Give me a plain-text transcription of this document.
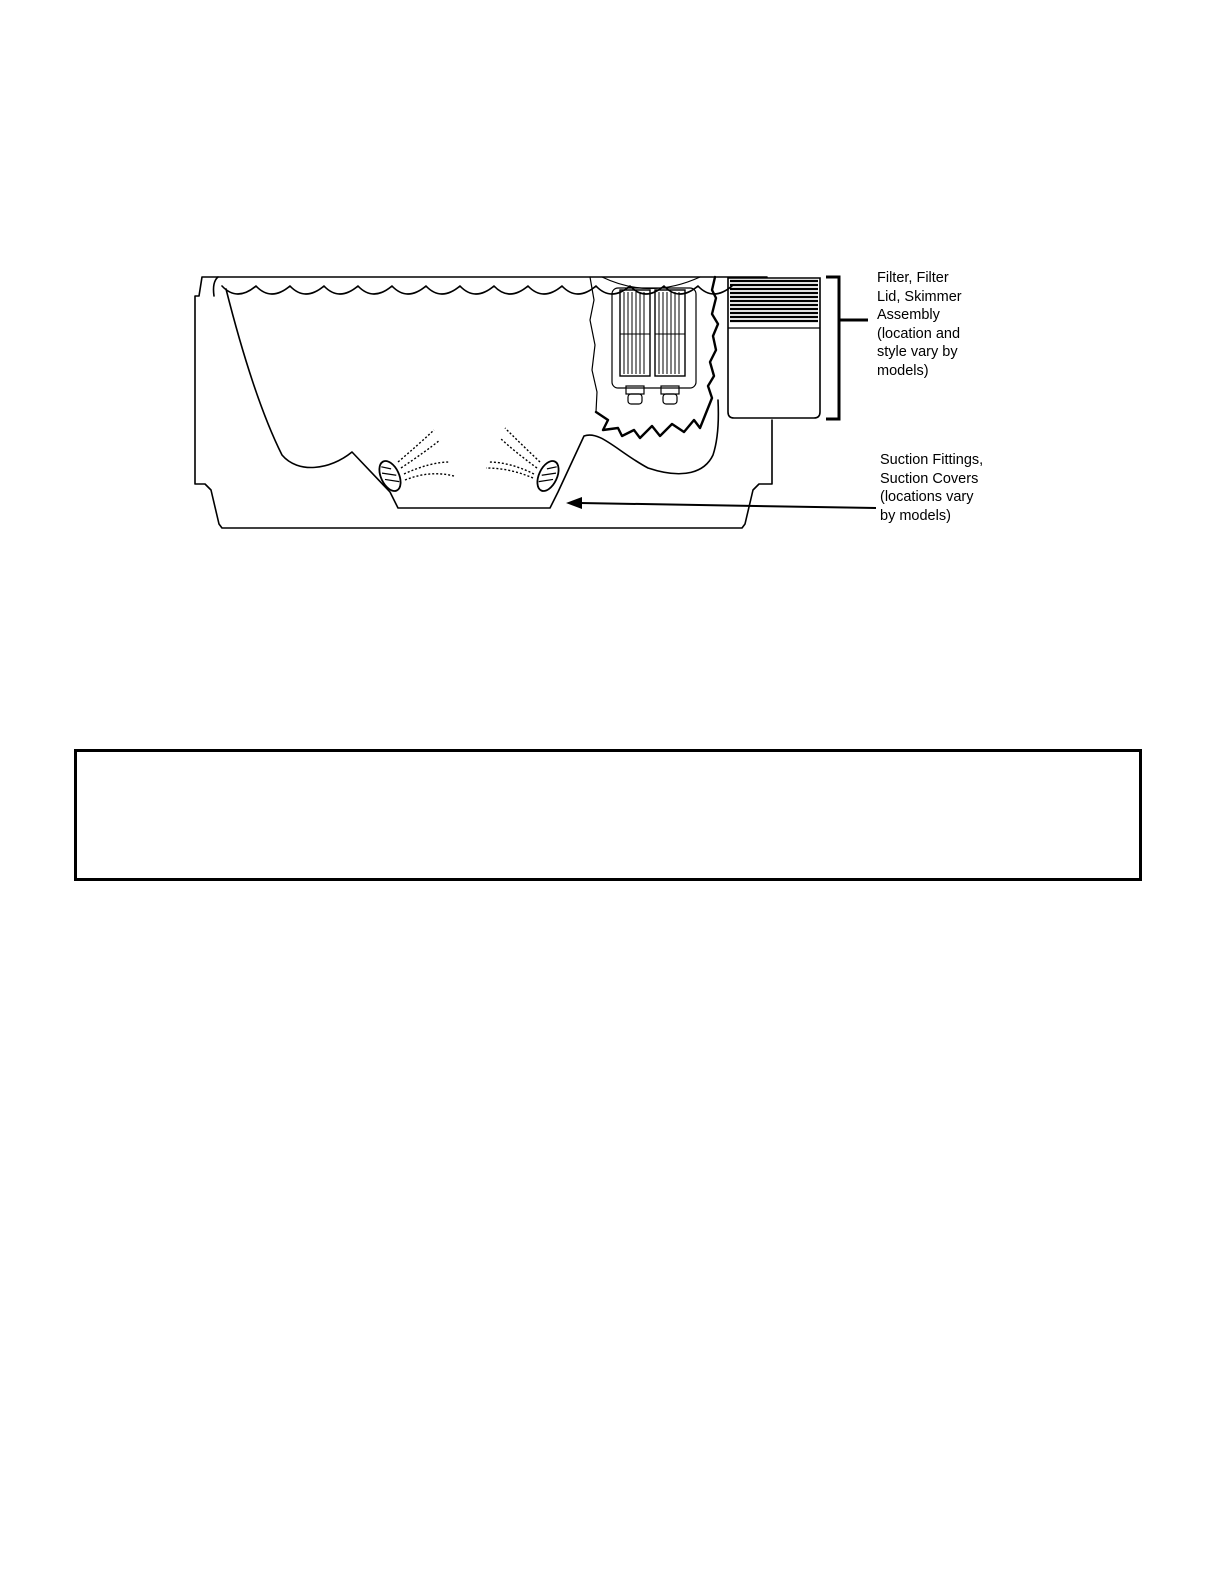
Filter, Filter
Lid, Skimmer
Assembly
(location and
style vary by
models)
Suction Fittings,
Suction Covers
(locations vary
by models)
